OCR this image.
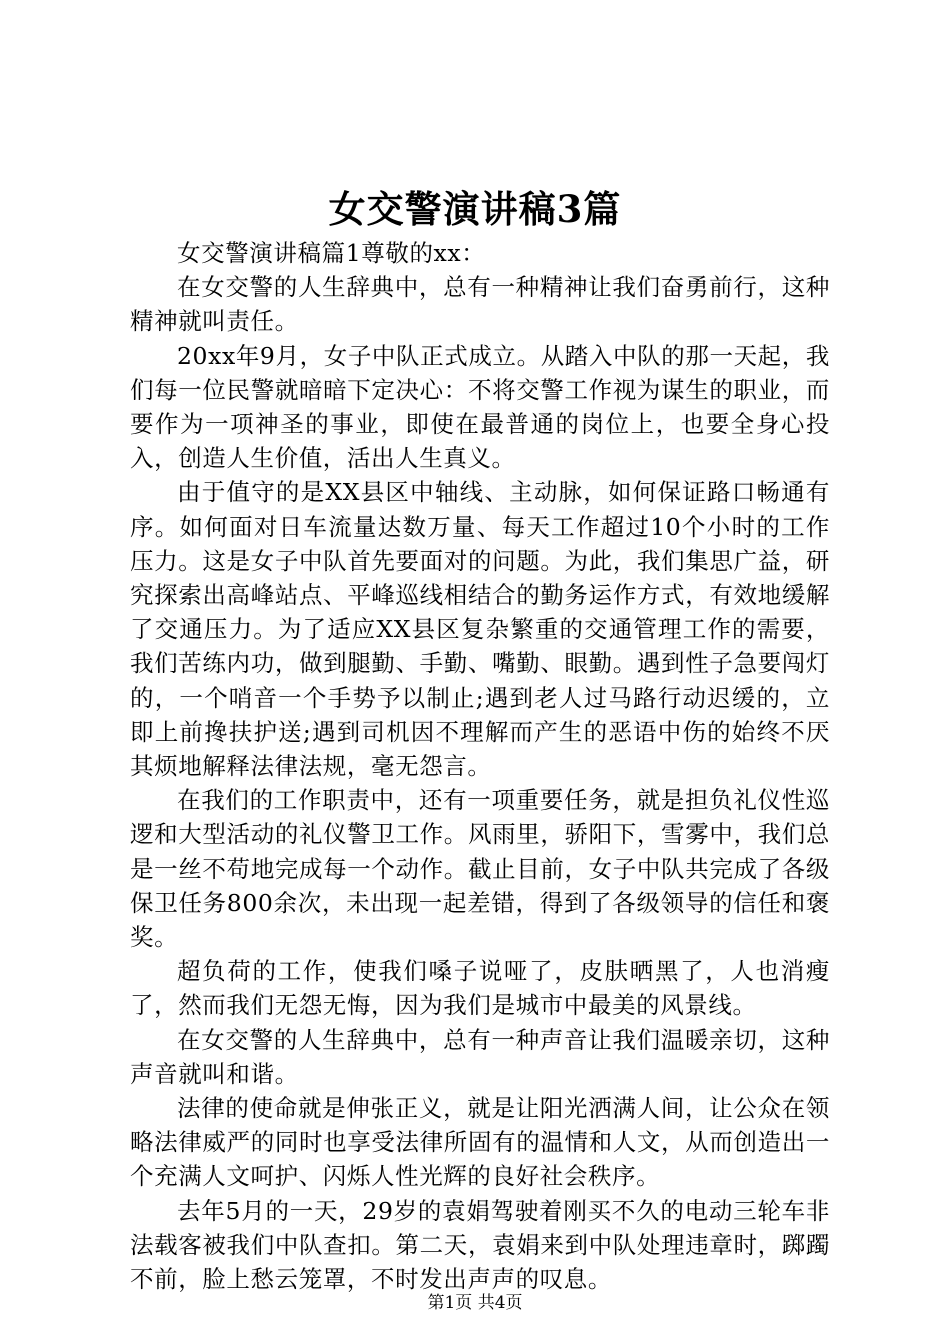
女交警演讲稿3篇

女交警演讲稿篇1尊敬的xx：

在女交警的人生辞典中，总有一种精神让我们奋勇前行，这种精神就叫责任。

20xx年9月，女子中队正式成立。从踏入中队的那一天起，我们每一位民警就暗暗下定决心：不将交警工作视为谋生的职业，而要作为一项神圣的事业，即使在最普通的岗位上，也要全身心投入，创造人生价值，活出人生真义。

由于值守的是XX县区中轴线、主动脉，如何保证路口畅通有序。如何面对日车流量达数万量、每天工作超过10个小时的工作压力。这是女子中队首先要面对的问题。为此，我们集思广益，研究探索出高峰站点、平峰巡线相结合的勤务运作方式，有效地缓解了交通压力。为了适应XX县区复杂繁重的交通管理工作的需要，我们苦练内功，做到腿勤、手勤、嘴勤、眼勤。遇到性子急要闯灯的，一个哨音一个手势予以制止;遇到老人过马路行动迟缓的，立即上前搀扶护送;遇到司机因不理解而产生的恶语中伤的始终不厌其烦地解释法律法规，毫无怨言。

在我们的工作职责中，还有一项重要任务，就是担负礼仪性巡逻和大型活动的礼仪警卫工作。风雨里，骄阳下，雪雾中，我们总是一丝不苟地完成每一个动作。截止目前，女子中队共完成了各级保卫任务800余次，未出现一起差错，得到了各级领导的信任和褒奖。

超负荷的工作，使我们嗓子说哑了，皮肤晒黑了，人也消瘦了，然而我们无怨无悔，因为我们是城市中最美的风景线。

在女交警的人生辞典中，总有一种声音让我们温暖亲切，这种声音就叫和谐。

法律的使命就是伸张正义，就是让阳光洒满人间，让公众在领略法律威严的同时也享受法律所固有的温情和人文，从而创造出一个充满人文呵护、闪烁人性光辉的良好社会秩序。

去年5月的一天，29岁的袁娟驾驶着刚买不久的电动三轮车非法载客被我们中队查扣。第二天，袁娟来到中队处理违章时，踯躅不前，脸上愁云笼罩，不时发出声声的叹息。

第1页 共4页
